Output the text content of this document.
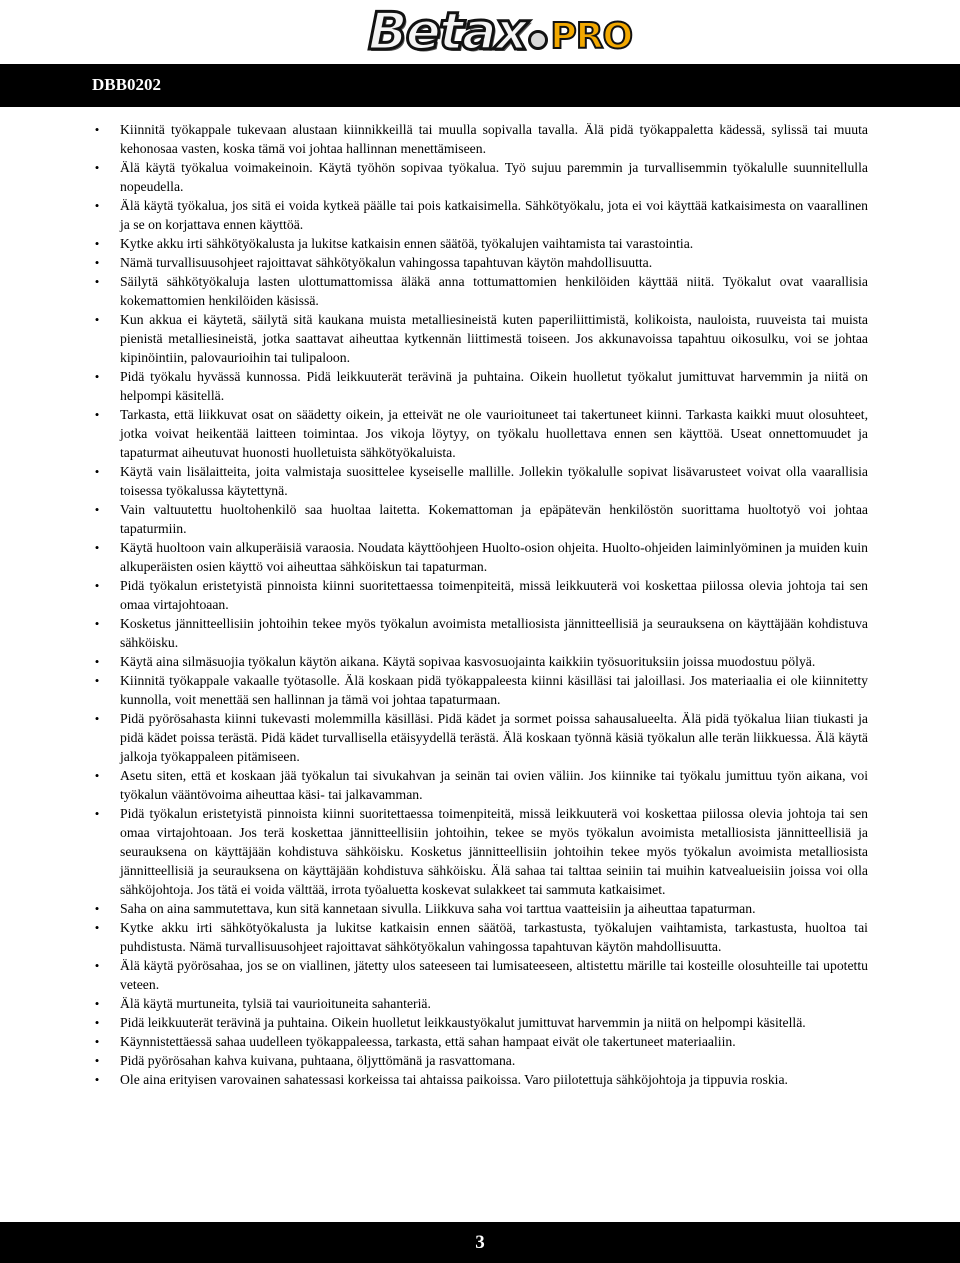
Betax PRO
DBB0202
• Kiinnitä työkappale tukevaan alustaan kiinnikkeillä tai muulla sopivalla tavalla. Älä pidä työkappaletta kädessä, sylissä tai muuta kehonosaa vasten, koska tämä voi johtaa hallinnan menettämiseen.
• Älä käytä työkalua voimakeinoin. Käytä työhön sopivaa työkalua. Työ sujuu paremmin ja turvallisemmin työkalulle suunnitellulla nopeudella.
• Älä käytä työkalua, jos sitä ei voida kytkeä päälle tai pois katkaisimella. Sähkötyökalu, jota ei voi käyttää katkaisimesta on vaarallinen ja se on korjattava ennen käyttöä.
• Kytke akku irti sähkötyökalusta ja lukitse katkaisin ennen säätöä, työkalujen vaihtamista tai varastointia.
• Nämä turvallisuusohjeet rajoittavat sähkötyökalun vahingossa tapahtuvan käytön mahdollisuutta.
• Säilytä sähkötyökaluja lasten ulottumattomissa äläkä anna tottumattomien henkilöiden käyttää niitä. Työkalut ovat vaarallisia kokemattomien henkilöiden käsissä.
• Kun akkua ei käytetä, säilytä sitä kaukana muista metalliesineistä kuten paperiliittimistä, kolikoista, nauloista, ruuveista tai muista pienistä metalliesineistä, jotka saattavat aiheuttaa kytkennän liittimestä toiseen. Jos akkunavoissa tapahtuu oikosulku, voi se johtaa kipinöintiin, palovaurioihin tai tulipaloon.
• Pidä työkalu hyvässä kunnossa. Pidä leikkuuterät terävinä ja puhtaina. Oikein huolletut työkalut jumittuvat harvemmin ja niitä on helpompi käsitellä.
• Tarkasta, että liikkuvat osat on säädetty oikein, ja etteivät ne ole vaurioituneet tai takertuneet kiinni. Tarkasta kaikki muut olosuhteet, jotka voivat heikentää laitteen toimintaa. Jos vikoja löytyy, on työkalu huollettava ennen sen käyttöä. Useat onnettomuudet ja tapaturmat aiheutuvat huonosti huolletuista sähkötyökaluista.
• Käytä vain lisälaitteita, joita valmistaja suosittelee kyseiselle mallille. Jollekin työkalulle sopivat lisävarusteet voivat olla vaarallisia toisessa työkalussa käytettynä.
• Vain valtuutettu huoltohenkilö saa huoltaa laitetta. Kokemattoman ja epäpätevän henkilöstön suorittama huoltotyö voi johtaa tapaturmiin.
• Käytä huoltoon vain alkuperäisiä varaosia. Noudata käyttöohjeen Huolto-osion ohjeita. Huolto-ohjeiden laiminlyöminen ja muiden kuin alkuperäisten osien käyttö voi aiheuttaa sähköiskun tai tapaturman.
• Pidä työkalun eristetyistä pinnoista kiinni suoritettaessa toimenpiteitä, missä leikkuuterä voi koskettaa piilossa olevia johtoja tai sen omaa virtajohtoaan.
• Kosketus jännitteellisiin johtoihin tekee myös työkalun avoimista metalliosista jännitteellisiä ja seurauksena on käyttäjään kohdistuva sähköisku.
• Käytä aina silmäsuojia työkalun käytön aikana. Käytä sopivaa kasvosuojainta kaikkiin työsuorituksiin joissa muodostuu pölyä.
• Kiinnitä työkappale vakaalle työtasolle. Älä koskaan pidä työkappaleesta kiinni käsilläsi tai jaloillasi. Jos materiaalia ei ole kiinnitetty kunnolla, voit menettää sen hallinnan ja tämä voi johtaa tapaturmaan.
• Pidä pyörösahasta kiinni tukevasti molemmilla käsilläsi. Pidä kädet ja sormet poissa sahausalueelta. Älä pidä työkalua liian tiukasti ja pidä kädet poissa terästä. Pidä kädet turvallisella etäisyydellä terästä. Älä koskaan työnnä käsiä työkalun alle terän liikkuessa. Älä käytä jalkoja työkappaleen pitämiseen.
• Asetu siten, että et koskaan jää työkalun tai sivukahvan ja seinän tai ovien väliin. Jos kiinnike tai työkalu jumittuu työn aikana, voi työkalun vääntövoima aiheuttaa käsi- tai jalkavamman.
• Pidä työkalun eristetyistä pinnoista kiinni suoritettaessa toimenpiteitä, missä leikkuuterä voi koskettaa piilossa olevia johtoja tai sen omaa virtajohtoaan. Jos terä koskettaa jännitteellisiin johtoihin, tekee se myös työkalun avoimista metalliosista jännitteellisiä ja seurauksena on käyttäjään kohdistuva sähköisku. Kosketus jännitteellisiin johtoihin tekee myös työkalun avoimista metalliosista jännitteellisiä ja seurauksena on käyttäjään kohdistuva sähköisku. Älä sahaa tai talttaa seiniin tai muihin katvealueisiin joissa voi olla sähköjohtoja. Jos tätä ei voida välttää, irrota työaluetta koskevat sulakkeet tai sammuta katkaisimet.
• Saha on aina sammutettava, kun sitä kannetaan sivulla. Liikkuva saha voi tarttua vaatteisiin ja aiheuttaa tapaturman.
• Kytke akku irti sähkötyökalusta ja lukitse katkaisin ennen säätöä, tarkastusta, työkalujen vaihtamista, tarkastusta, huoltoa tai puhdistusta. Nämä turvallisuusohjeet rajoittavat sähkötyökalun vahingossa tapahtuvan käytön mahdollisuutta.
• Älä käytä pyörösahaa, jos se on viallinen, jätetty ulos sateeseen tai lumisateeseen, altistettu märille tai kosteille olosuhteille tai upotettu veteen.
• Älä käytä murtuneita, tylsiä tai vaurioituneita sahanteriä.
• Pidä leikkuuterät terävinä ja puhtaina. Oikein huolletut leikkaustyökalut jumittuvat harvemmin ja niitä on helpompi käsitellä.
• Käynnistettäessä sahaa uudelleen työkappaleessa, tarkasta, että sahan hampaat eivät ole takertuneet materiaaliin.
• Pidä pyörösahan kahva kuivana, puhtaana, öljyttömänä ja rasvattomana.
• Ole aina erityisen varovainen sahatessasi korkeissa tai ahtaissa paikoissa. Varo piilotettuja sähköjohtoja ja tippuvia roskia.
3
